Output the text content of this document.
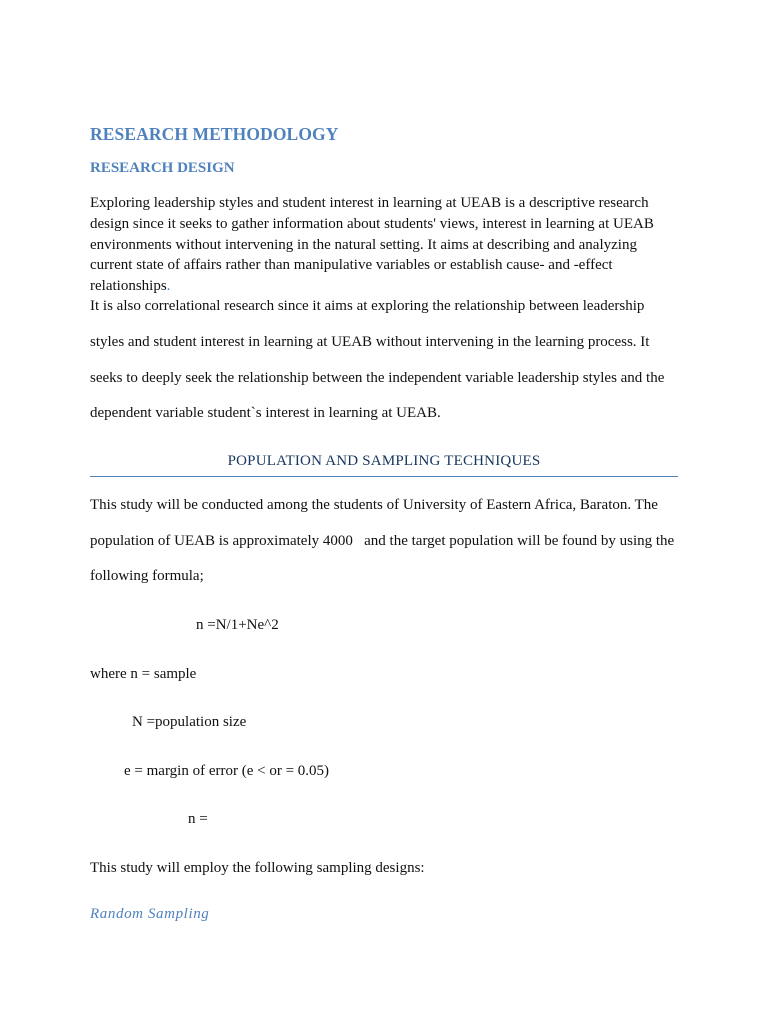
RESEARCH METHODOLOGY
RESEARCH DESIGN
Exploring leadership styles and student interest in learning at UEAB is a descriptive research
design since it seeks to gather information about students' views, interest in learning at UEAB
environments without intervening in the natural setting. It aims at describing and analyzing
current state of affairs rather than manipulative variables or establish cause- and -effect
relationships.

It is also correlational research since it aims at exploring the relationship between leadership

styles and student interest in learning at UEAB without intervening in the learning process. It

seeks to deeply seek the relationship between the independent variable leadership styles and the

dependent variable student`s interest in learning at UEAB.

POPULATION AND SAMPLING TECHNIQUES

This study will be conducted among the students of University of Eastern Africa, Baraton. The

population of UEAB is approximately 4000   and the target population will be found by using the

following formula;

n =N/1+Ne^2

where n = sample

N =population size

e = margin of error (e < or = 0.05)

n =

This study will employ the following sampling designs:

Random Sampling
